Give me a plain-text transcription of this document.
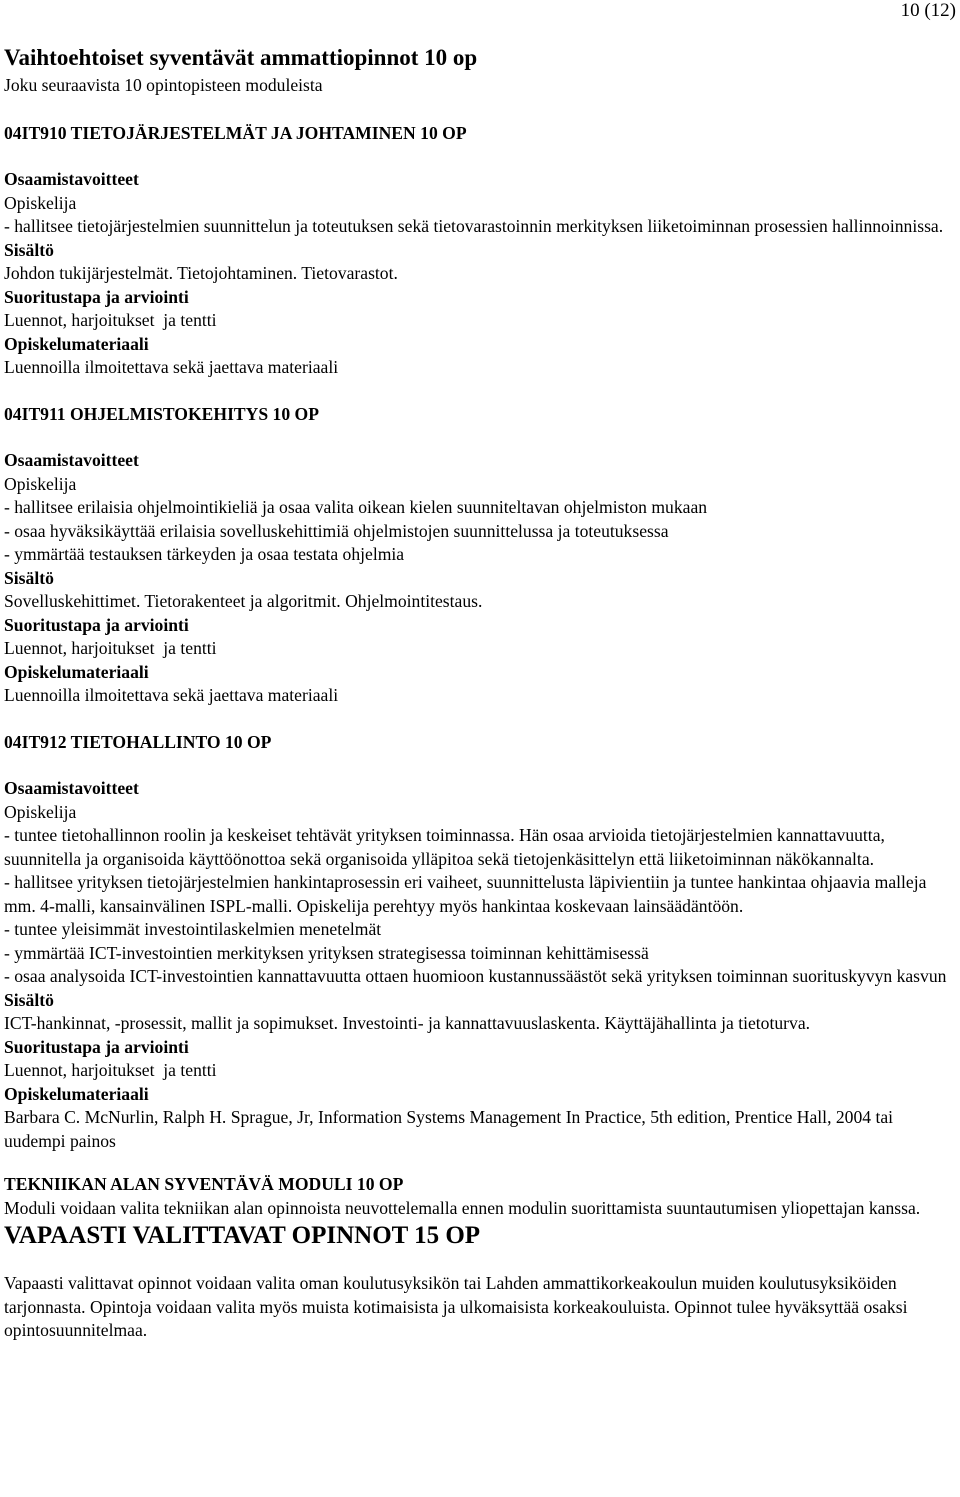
10 (12)
Vaihtoehtoiset syventävät ammattiopinnot 10 op
Joku seuraavista 10 opintopisteen moduleista
04IT910 TIETOJÄRJESTELMÄT JA JOHTAMINEN 10 OP
Osaamistavoitteet
Opiskelija
- hallitsee tietojärjestelmien suunnittelun ja toteutuksen sekä tietovarastoinnin merkityksen liiketoiminnan prosessien hallinnoinnissa.
Sisältö
Johdon tukijärjestelmät. Tietojohtaminen. Tietovarastot.
Suoritustapa ja arviointi
Luennot, harjoitukset  ja tentti
Opiskelumateriaali
Luennoilla ilmoitettava sekä jaettava materiaali
04IT911 OHJELMISTOKEHITYS 10 OP
Osaamistavoitteet
Opiskelija
- hallitsee erilaisia ohjelmointikieliä ja osaa valita oikean kielen suunniteltavan ohjelmiston mukaan
- osaa hyväksikäyttää erilaisia sovelluskehittimiä ohjelmistojen suunnittelussa ja toteutuksessa
- ymmärtää testauksen tärkeyden ja osaa testata ohjelmia
Sisältö
Sovelluskehittimet. Tietorakenteet ja algoritmit. Ohjelmointitestaus.
Suoritustapa ja arviointi
Luennot, harjoitukset  ja tentti
Opiskelumateriaali
Luennoilla ilmoitettava sekä jaettava materiaali
04IT912 TIETOHALLINTO 10 OP
Osaamistavoitteet
Opiskelija
- tuntee tietohallinnon roolin ja keskeiset tehtävät yrityksen toiminnassa. Hän osaa arvioida tietojärjestelmien kannattavuutta, suunnitella ja organisoida käyttöönottoa sekä organisoida ylläpitoa sekä tietojenkäsittelyn että liiketoiminnan näkökannalta.
- hallitsee yrityksen tietojärjestelmien hankintaprosessin eri vaiheet, suunnittelusta läpivientiin ja tuntee hankintaa ohjaavia malleja mm. 4-malli, kansainvälinen ISPL-malli. Opiskelija perehtyy myös hankintaa koskevaan lainsäädäntöön.
- tuntee yleisimmät investointilaskelmien menetelmät
- ymmärtää ICT-investointien merkityksen yrityksen strategisessa toiminnan kehittämisessä
- osaa analysoida ICT-investointien kannattavuutta ottaen huomioon kustannussäästöt sekä yrityksen toiminnan suorituskyvyn kasvun
Sisältö
ICT-hankinnat, -prosessit, mallit ja sopimukset. Investointi- ja kannattavuuslaskenta. Käyttäjähallinta ja tietoturva.
Suoritustapa ja arviointi
Luennot, harjoitukset  ja tentti
Opiskelumateriaali
Barbara C. McNurlin, Ralph H. Sprague, Jr, Information Systems Management In Practice, 5th edition, Prentice Hall, 2004 tai uudempi painos
TEKNIIKAN ALAN SYVENTÄVÄ MODULI 10 OP
Moduli voidaan valita tekniikan alan opinnoista neuvottelemalla ennen modulin suorittamista suuntautumisen yliopettajan kanssa.
VAPAASTI VALITTAVAT OPINNOT 15 OP
Vapaasti valittavat opinnot voidaan valita oman koulutusyksikön tai Lahden ammattikorkeakoulun muiden koulutusyksiköiden tarjonnasta. Opintoja voidaan valita myös muista kotimaisista ja ulkomaisista korkeakouluista. Opinnot tulee hyväksyttää osaksi opintosuunnitelmaa.
